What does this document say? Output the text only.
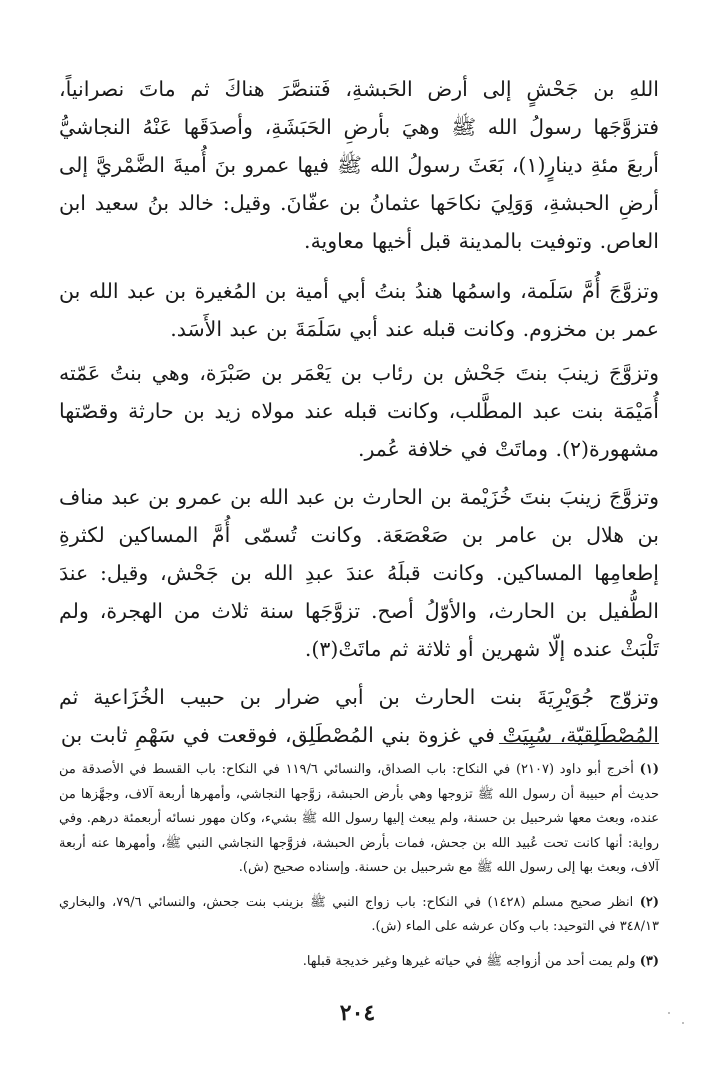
اللهِ بن جَحْشٍ إلى أرض الحَبشةِ، فَتنصَّرَ هناكَ ثم ماتَ نصرانياً، فتزوَّجَها رسولُ الله ﷺ وهيَ بأرضِ الحَبَشَةِ، وأصدَقَها عَنْهُ النجاشيُّ أربعَ مئةِ دينارٍ(١)، بَعَثَ رسولُ الله ﷺ فيها عمرو بنَ أُميةَ الضَّمْريَّ إلى أرضِ الحبشةِ، وَوَلِيَ نكاحَها عثمانُ بن عفّانَ. وقيل: خالد بنُ سعيد ابن العاص. وتوفيت بالمدينة قبل أخيها معاوية.

وتزوَّجَ أُمَّ سَلَمة، واسمُها هندُ بنتُ أبي أمية بن المُغيرة بن عبد الله بن عمر بن مخزوم. وكانت قبله عند أبي سَلَمَةَ بن عبد الأَسَد.

وتزوَّجَ زينبَ بنتَ جَحْش بن رئاب بن يَعْمَر بن صَبْرَة، وهي بنتُ عَمّته أُمَيْمَة بنت عبد المطَّلب، وكانت قبله عند مولاه زيد بن حارثة وقصّتها مشهورة(٢). وماتَتْ في خلافة عُمر.

وتزوَّجَ زينبَ بنتَ خُزَيْمة بن الحارث بن عبد الله بن عمرو بن عبد مناف بن هلال بن عامر بن صَعْصَعَة. وكانت تُسمّى أُمَّ المساكين لكثرةِ إطعامِها المساكين. وكانت قبلَهُ عندَ عبدِ الله بن جَحْش، وقيل: عندَ الطُّفيل بن الحارث، والأوّلُ أصح. تزوَّجَها سنة ثلاث من الهجرة، ولم تَلْبَثْ عنده إلّا شهرين أو ثلاثة ثم ماتَتْ(٣).

وتزوّج جُوَيْرِيَةَ بنت الحارث بن أبي ضرار بن حبيب الخُزَاعية ثم المُصْطَلِقيّة، سُبِيَتْ في غزوة بني المُصْطَلِق، فوقعت في سَهْمِ ثابت بن

(١) أخرج أبو داود (٢١٠٧) في النكاح: باب الصداق، والنسائي ١١٩/٦ في النكاح: باب القسط في الأصدقة من حديث أم حبيبة أن رسول الله ﷺ تزوجها وهي بأرض الحبشة، زوَّجها النجاشي، وأمهرها أربعة آلاف، وجهَّزها من عنده، وبعث معها شرحبيل بن حسنة، ولم يبعث إليها رسول الله ﷺ بشيء، وكان مهور نسائه أربعمئة درهم. وفي رواية: أنها كانت تحت عُبيد الله بن جحش، فمات بأرض الحبشة، فزوَّجها النجاشي النبي ﷺ، وأمهرها عنه أربعة آلاف، وبعث بها إلى رسول الله ﷺ مع شرحبيل بن حسنة. وإسناده صحيح (ش).

(٢) انظر صحيح مسلم (١٤٢٨) في النكاح: باب زواج النبي ﷺ بزينب بنت جحش، والنسائي ٧٩/٦، والبخاري ٣٤٨/١٣ في التوحيد: باب وكان عرشه على الماء (ش).

(٣) ولم يمت أحد من أزواجه ﷺ في حياته غيرها وغير خديجة قبلها.

٢٠٤
